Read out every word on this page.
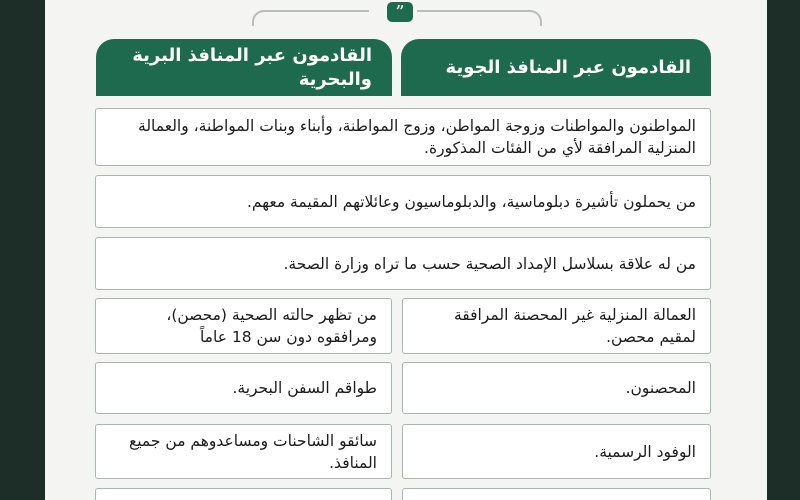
”
القادمون عبر المنافذ الجوية
القادمون عبر المنافذ البرية والبحرية
المواطنون والمواطنات وزوجة المواطن، وزوج المواطنة، وأبناء وبنات المواطنة، والعمالة المنزلية المرافقة لأي من الفئات المذكورة.
من يحملون تأشيرة دبلوماسية، والدبلوماسيون وعائلاتهم المقيمة معهم.
من له علاقة بسلاسل الإمداد الصحية حسب ما تراه وزارة الصحة.
العمالة المنزلية غير المحصنة المرافقة لمقيم محصن.
من تظهر حالته الصحية (محصن)، ومرافقوه دون سن 18 عاماً
المحصنون.
طواقم السفن البحرية.
الوفود الرسمية.
سائقو الشاحنات ومساعدوهم من جميع المنافذ.
